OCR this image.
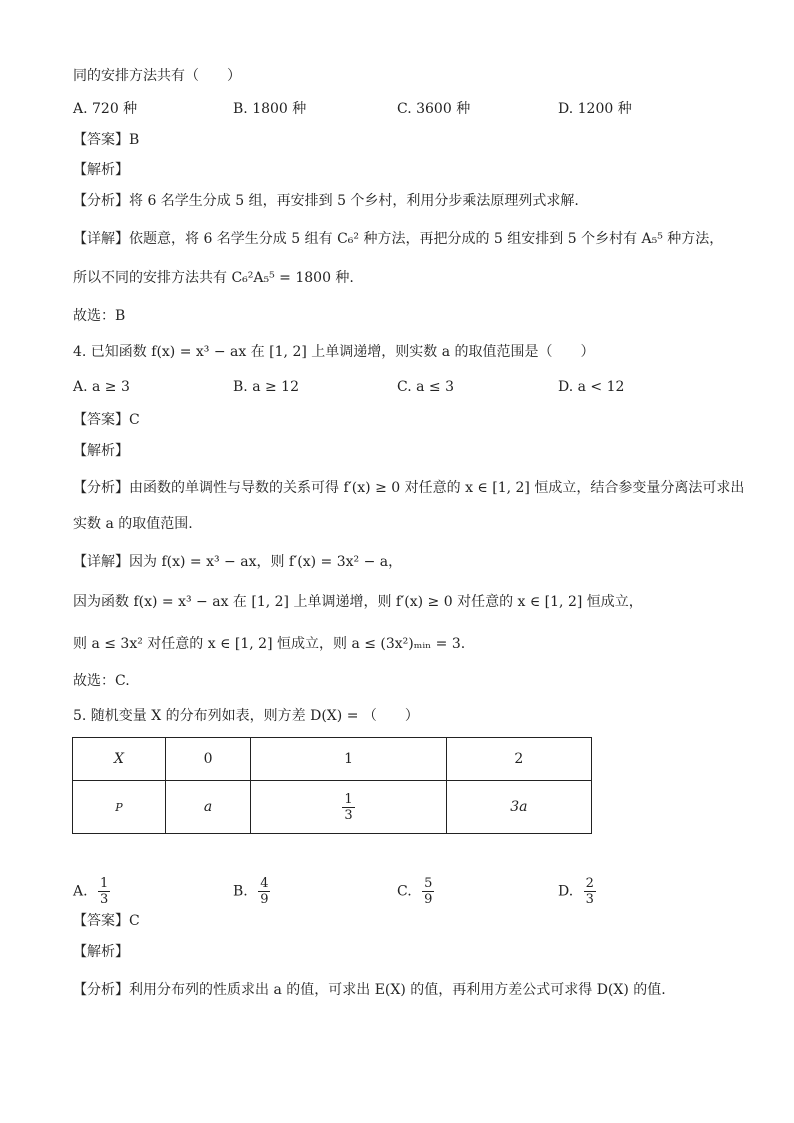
同的安排方法共有（　　）
A. 720 种	B. 1800 种	C. 3600 种	D. 1200 种
【答案】B
【解析】
【分析】将 6 名学生分成 5 组，再安排到 5 个乡村，利用分步乘法原理列式求解.
【详解】依题意，将 6 名学生分成 5 组有 C₆² 种方法，再把分成的 5 组安排到 5 个乡村有 A₅⁵ 种方法，
所以不同的安排方法共有 C₆²A₅⁵ = 1800 种.
故选：B
4. 已知函数 f(x) = x³ − ax 在 [1, 2] 上单调递增，则实数 a 的取值范围是（　　）
A. a ≥ 3	B. a ≥ 12	C. a ≤ 3	D. a < 12
【答案】C
【解析】
【分析】由函数的单调性与导数的关系可得 f′(x) ≥ 0 对任意的 x ∈ [1, 2] 恒成立，结合参变量分离法可求出
实数 a 的取值范围.
【详解】因为 f(x) = x³ − ax，则 f′(x) = 3x² − a，
因为函数 f(x) = x³ − ax 在 [1, 2] 上单调递增，则 f′(x) ≥ 0 对任意的 x ∈ [1, 2] 恒成立，
则 a ≤ 3x² 对任意的 x ∈ [1, 2] 恒成立，则 a ≤ (3x²)ₘᵢₙ = 3.
故选：C.
5. 随机变量 X 的分布列如表，则方差 D(X) = （　　）
X	0	1	2
P	a	$\frac{1}{3}$	3a
A. $\frac{1}{3}$	B. $\frac{4}{9}$	C. $\frac{5}{9}$	D. $\frac{2}{3}$
【答案】C
【解析】
【分析】利用分布列的性质求出 a 的值，可求出 E(X) 的值，再利用方差公式可求得 D(X) 的值.
